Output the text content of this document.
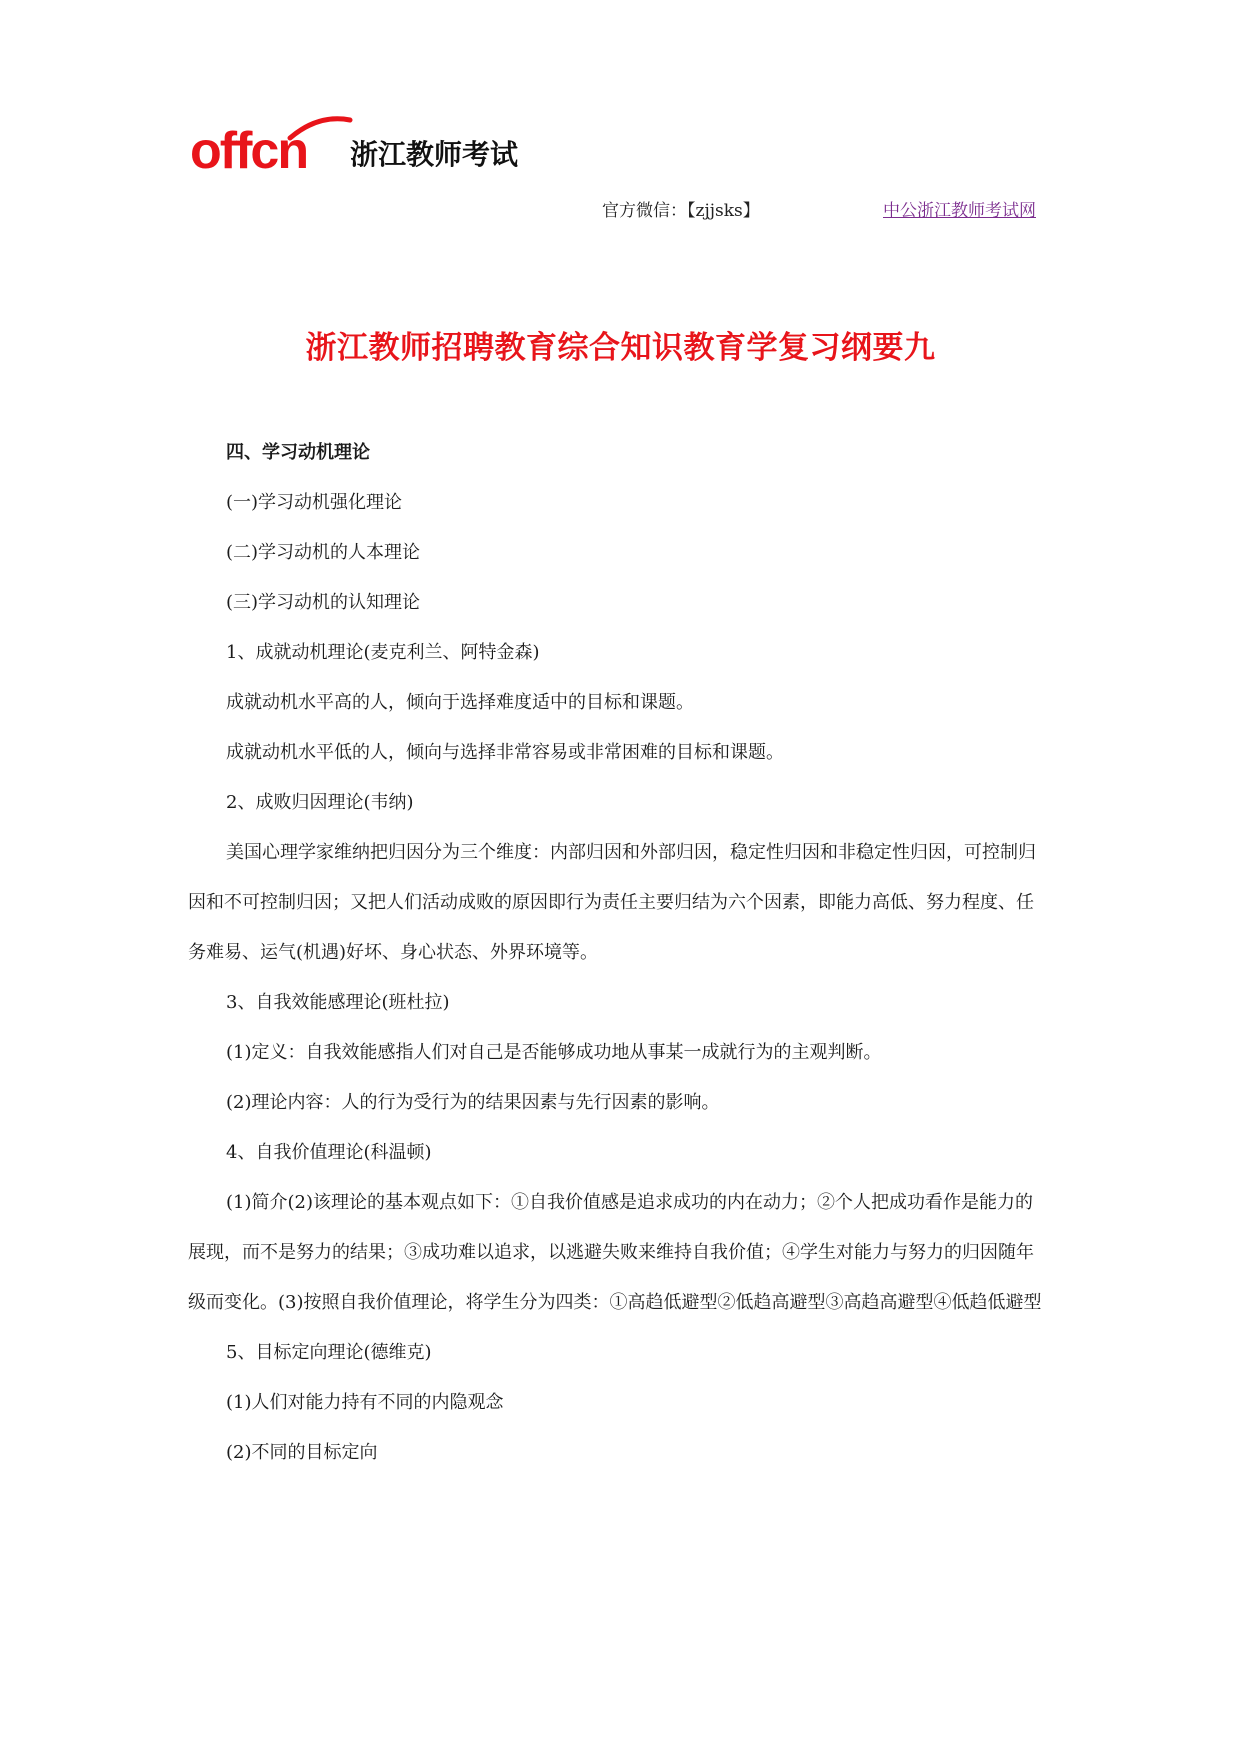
offcn 浙江教师考试
官方微信：【zjjsks】	中公浙江教师考试网
浙江教师招聘教育综合知识教育学复习纲要九

四、学习动机理论

(一)学习动机强化理论

(二)学习动机的人本理论

(三)学习动机的认知理论

1、成就动机理论(麦克利兰、阿特金森)

成就动机水平高的人，倾向于选择难度适中的目标和课题。

成就动机水平低的人，倾向与选择非常容易或非常困难的目标和课题。

2、成败归因理论(韦纳)

美国心理学家维纳把归因分为三个维度：内部归因和外部归因，稳定性归因和非稳定性归因，可控制归因和不可控制归因；又把人们活动成败的原因即行为责任主要归结为六个因素，即能力高低、努力程度、任务难易、运气(机遇)好坏、身心状态、外界环境等。

3、自我效能感理论(班杜拉)

(1)定义：自我效能感指人们对自己是否能够成功地从事某一成就行为的主观判断。

(2)理论内容：人的行为受行为的结果因素与先行因素的影响。

4、自我价值理论(科温顿)

(1)简介(2)该理论的基本观点如下：①自我价值感是追求成功的内在动力；②个人把成功看作是能力的展现，而不是努力的结果；③成功难以追求，以逃避失败来维持自我价值；④学生对能力与努力的归因随年级而变化。(3)按照自我价值理论，将学生分为四类：①高趋低避型②低趋高避型③高趋高避型④低趋低避型

5、目标定向理论(德维克)

(1)人们对能力持有不同的内隐观念

(2)不同的目标定向
